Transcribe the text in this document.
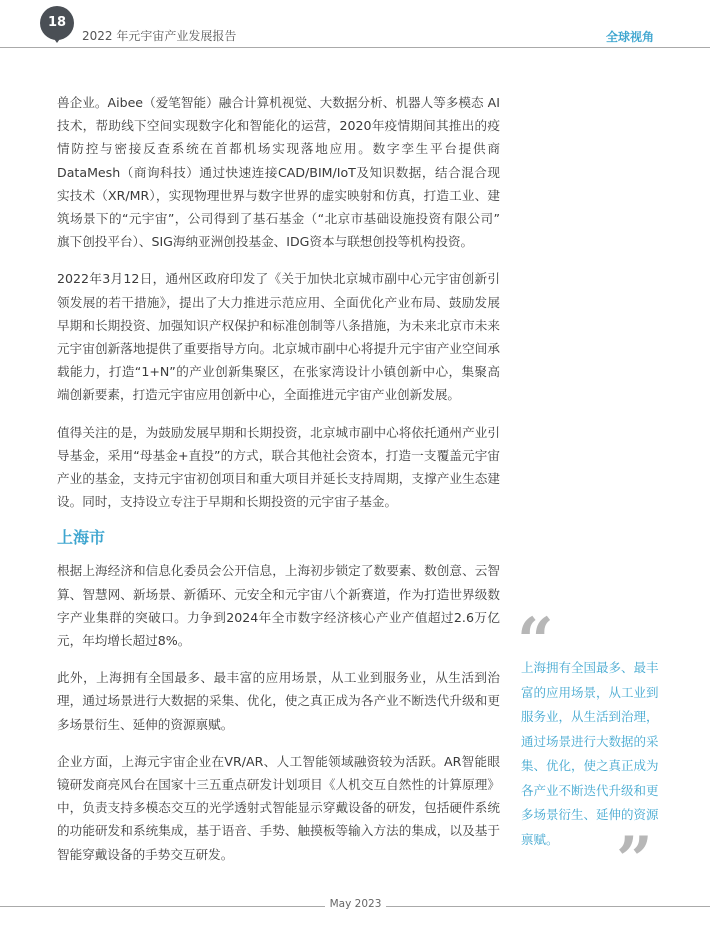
18
2022 年元宇宙产业发展报告	全球视角

兽企业。Aibee（爱笔智能）融合计算机视觉、大数据分析、机器人等多模态 AI 技术，帮助线下空间实现数字化和智能化的运营，2020年疫情期间其推出的疫情防控与密接反查系统在首都机场实现落地应用。数字孪生平台提供商DataMesh（商询科技）通过快速连接CAD/BIM/IoT及知识数据，结合混合现实技术（XR/MR），实现物理世界与数字世界的虚实映射和仿真，打造工业、建筑场景下的“元宇宙”，公司得到了基石基金（“北京市基础设施投资有限公司” 旗下创投平台）、SIG海纳亚洲创投基金、IDG资本与联想创投等机构投资。

2022年3月12日，通州区政府印发了《关于加快北京城市副中心元宇宙创新引领发展的若干措施》，提出了大力推进示范应用、全面优化产业布局、鼓励发展早期和长期投资、加强知识产权保护和标准创制等八条措施，为未来北京市未来元宇宙创新落地提供了重要指导方向。北京城市副中心将提升元宇宙产业空间承载能力，打造“1+N”的产业创新集聚区，在张家湾设计小镇创新中心，集聚高端创新要素，打造元宇宙应用创新中心，全面推进元宇宙产业创新发展。

值得关注的是，为鼓励发展早期和长期投资，北京城市副中心将依托通州产业引导基金，采用“母基金+直投”的方式，联合其他社会资本，打造一支覆盖元宇宙产业的基金，支持元宇宙初创项目和重大项目并延长支持周期，支撑产业生态建设。同时，支持设立专注于早期和长期投资的元宇宙子基金。

上海市

根据上海经济和信息化委员会公开信息，上海初步锁定了数要素、数创意、云智算、智慧网、新场景、新循环、元安全和元宇宙八个新赛道，作为打造世界级数字产业集群的突破口。力争到2024年全市数字经济核心产业产值超过2.6万亿元，年均增长超过8%。

此外，上海拥有全国最多、最丰富的应用场景，从工业到服务业，从生活到治理，通过场景进行大数据的采集、优化，使之真正成为各产业不断迭代升级和更多场景衍生、延伸的资源禀赋。

企业方面，上海元宇宙企业在VR/AR、人工智能领域融资较为活跃。AR智能眼镜研发商亮风台在国家十三五重点研发计划项目《人机交互自然性的计算原理》中，负责支持多模态交互的光学透射式智能显示穿戴设备的研发，包括硬件系统的功能研发和系统集成，基于语音、手势、触摸板等输入方法的集成，以及基于智能穿戴设备的手势交互研发。

“
上海拥有全国最多、最丰富的应用场景，从工业到服务业，从生活到治理，通过场景进行大数据的采集、优化，使之真正成为各产业不断迭代升级和更多场景衍生、延伸的资源禀赋。 ”
May 2023
